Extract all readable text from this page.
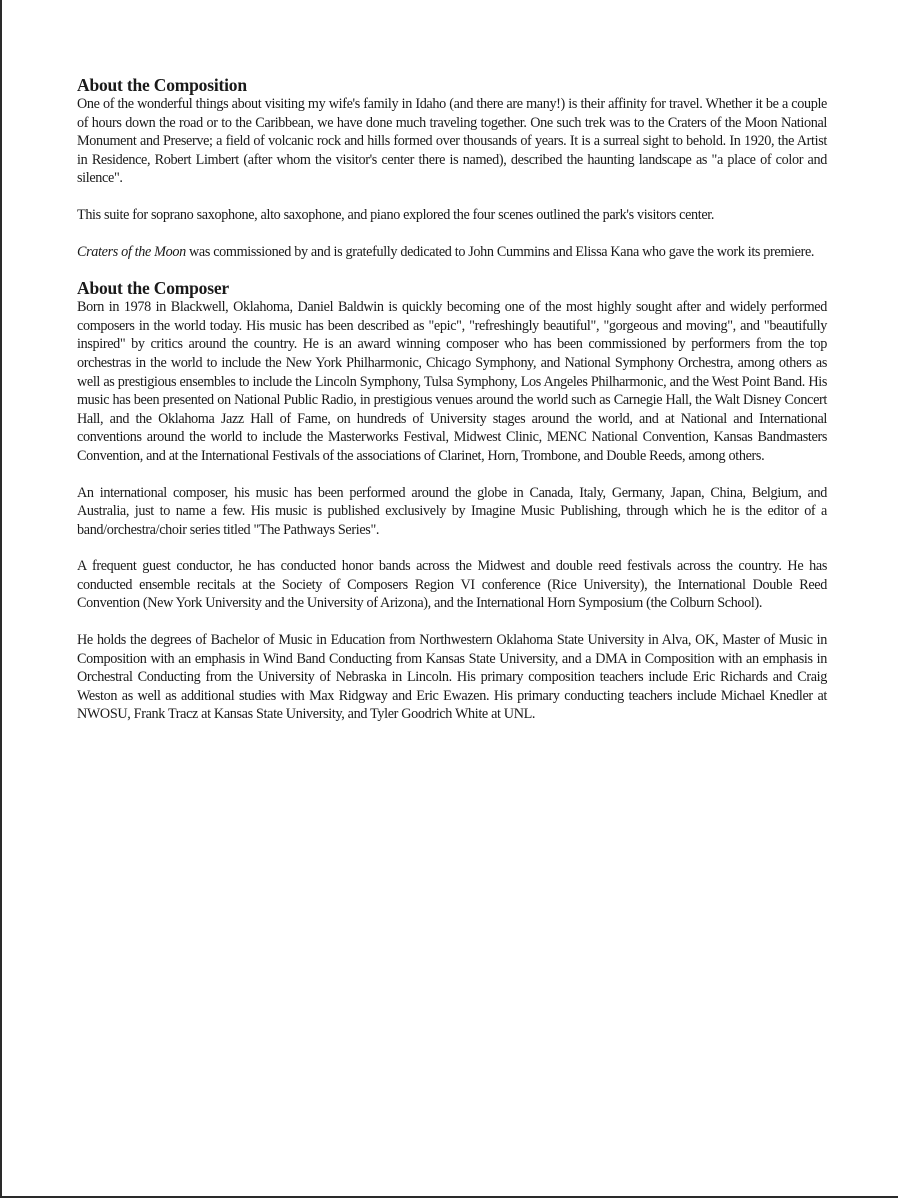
About the Composition

One of the wonderful things about visiting my wife's family in Idaho (and there are many!) is their affinity for travel. Whether it be a couple of hours down the road or to the Caribbean, we have done much traveling together. One such trek was to the Craters of the Moon National Monument and Preserve; a field of volcanic rock and hills formed over thousands of years. It is a surreal sight to behold. In 1920, the Artist in Residence, Robert Limbert (after whom the visitor's center there is named), described the haunting landscape as "a place of color and silence".

This suite for soprano saxophone, alto saxophone, and piano explored the four scenes outlined the park's visitors center.

Craters of the Moon was commissioned by and is gratefully dedicated to John Cummins and Elissa Kana who gave the work its premiere.

About the Composer

Born in 1978 in Blackwell, Oklahoma, Daniel Baldwin is quickly becoming one of the most highly sought after and widely performed composers in the world today. His music has been described as "epic", "refreshingly beautiful", "gorgeous and moving", and "beautifully inspired" by critics around the country. He is an award winning composer who has been commissioned by performers from the top orchestras in the world to include the New York Philharmonic, Chicago Symphony, and National Symphony Orchestra, among others as well as prestigious ensembles to include the Lincoln Symphony, Tulsa Symphony, Los Angeles Philharmonic, and the West Point Band. His music has been presented on National Public Radio, in prestigious venues around the world such as Carnegie Hall, the Walt Disney Concert Hall, and the Oklahoma Jazz Hall of Fame, on hundreds of University stages around the world, and at National and International conventions around the world to include the Masterworks Festival, Midwest Clinic, MENC National Convention, Kansas Bandmasters Convention, and at the International Festivals of the associations of Clarinet, Horn, Trombone, and Double Reeds, among others.

An international composer, his music has been performed around the globe in Canada, Italy, Germany, Japan, China, Belgium, and Australia, just to name a few. His music is published exclusively by Imagine Music Publishing, through which he is the editor of a band/orchestra/choir series titled "The Pathways Series".

A frequent guest conductor, he has conducted honor bands across the Midwest and double reed festivals across the country. He has conducted ensemble recitals at the Society of Composers Region VI conference (Rice University), the International Double Reed Convention (New York University and the University of Arizona), and the International Horn Symposium (the Colburn School).

He holds the degrees of Bachelor of Music in Education from Northwestern Oklahoma State University in Alva, OK, Master of Music in Composition with an emphasis in Wind Band Conducting from Kansas State University, and a DMA in Composition with an emphasis in Orchestral Conducting from the University of Nebraska in Lincoln. His primary composition teachers include Eric Richards and Craig Weston as well as additional studies with Max Ridgway and Eric Ewazen. His primary conducting teachers include Michael Knedler at NWOSU, Frank Tracz at Kansas State University, and Tyler Goodrich White at UNL.
